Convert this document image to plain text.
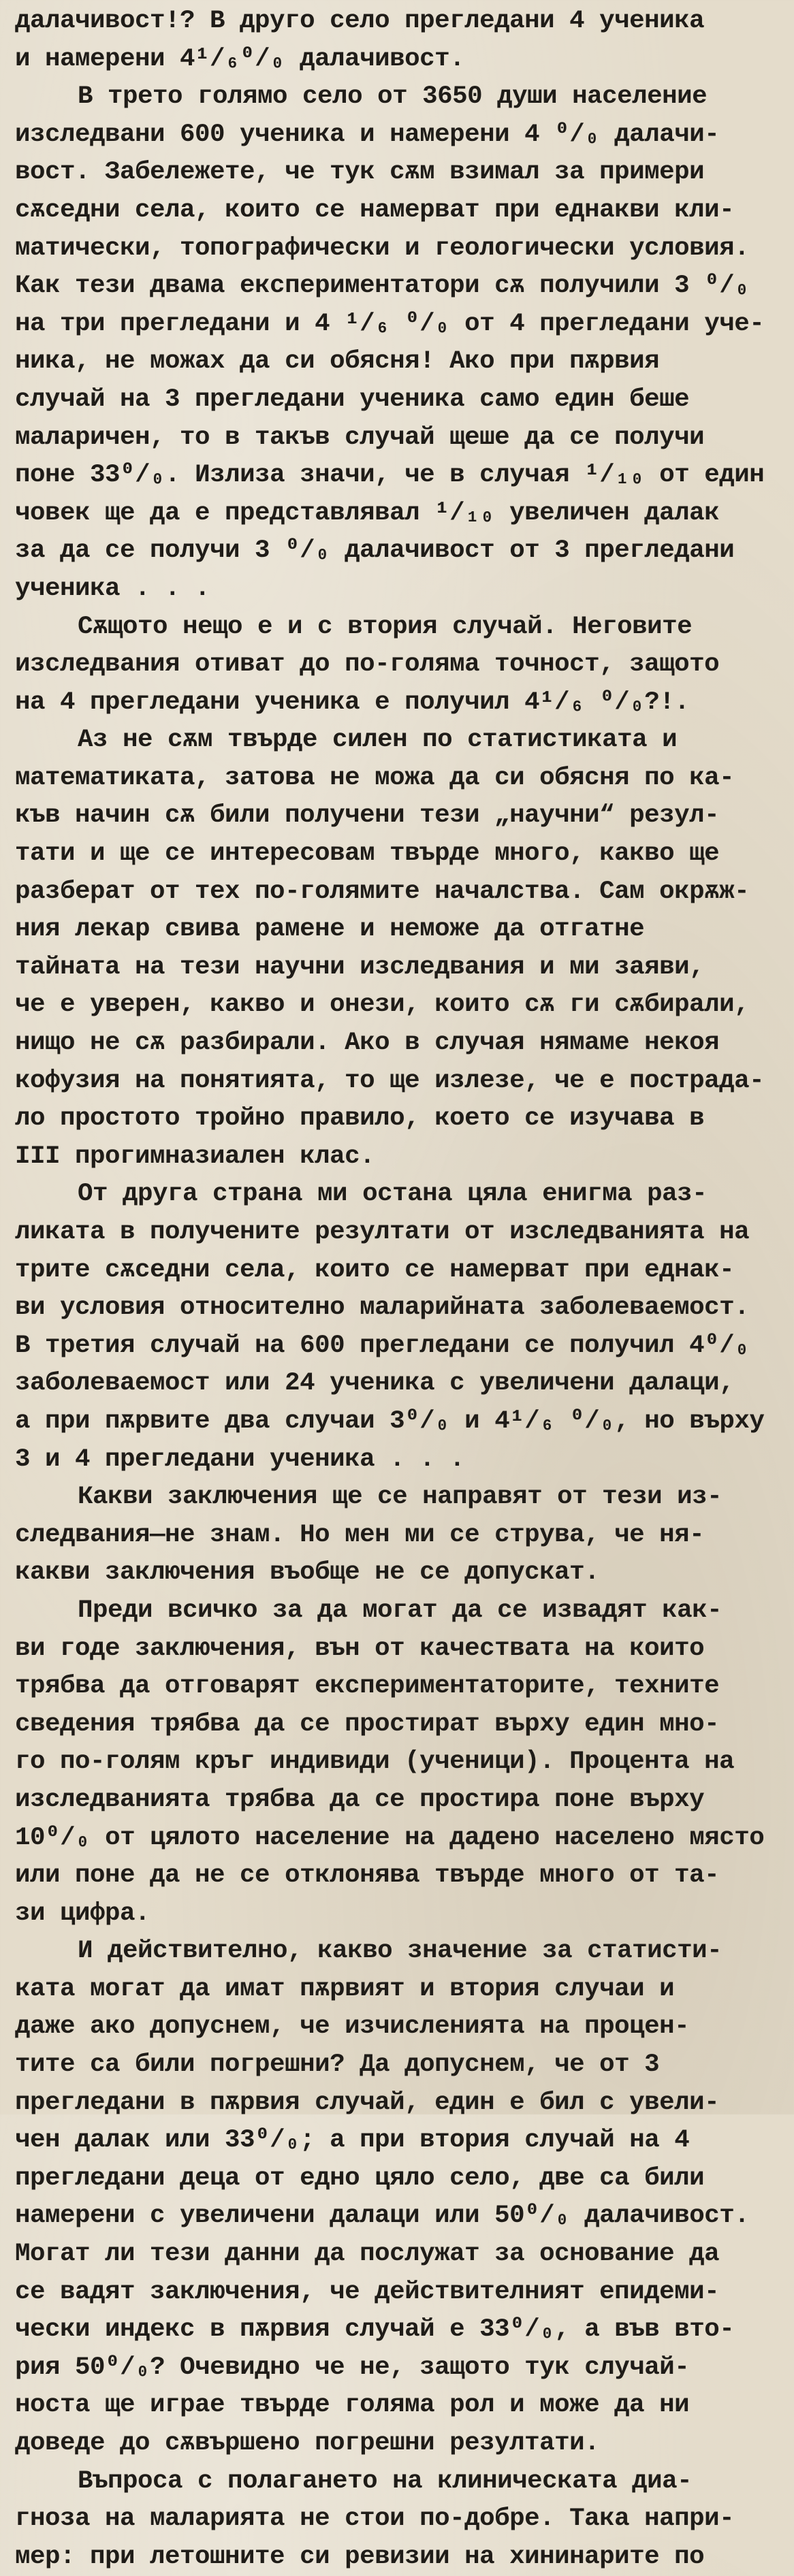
далачивост!? В друго село прегледани 4 ученика
и намерени 4¹/₆⁰/₀ далачивост.
В трето голямо село от 3650 души население
изследвани 600 ученика и намерени 4 ⁰/₀ далачи-
вост. Забележете, че тук сѫм взимал за примери
сѫседни села, които се намерват при еднакви кли-
матически, топографически и геологически условия.
Как тези двама експериментатори сѫ получили 3 ⁰/₀
на три прегледани и 4 ¹/₆ ⁰/₀ от 4 прегледани уче-
ника, не можах да си обясня! Ако при пѫрвия
случай на 3 прегледани ученика само един беше
маларичен, то в такъв случай щеше да се получи
поне 33⁰/₀. Излиза значи, че в случая ¹/₁₀ от един
човек ще да е представлявал ¹/₁₀ увеличен далак
за да се получи 3 ⁰/₀ далачивост от 3 прегледани
ученика . . .
Сѫщото нещо е и с втория случай. Неговите
изследвания отиват до по-голяма точност, защото
на 4 прегледани ученика е получил 4¹/₆ ⁰/₀?!.
Аз не сѫм твърде силен по статистиката и
математиката, затова не можа да си обясня по ка-
къв начин сѫ били получени тези „научни“ резул-
тати и ще се интересовам твърде много, какво ще
разберат от тех по-голямите началства. Сам окрѫж-
ния лекар свива рамене и неможе да отгатне
тайната на тези научни изследвания и ми заяви,
че е уверен, какво и онези, които сѫ ги сѫбирали,
нищо не сѫ разбирали. Ако в случая нямаме некоя
кофузия на понятията, то ще излезе, че е пострада-
ло простото тройно правило, което се изучава в
III прогимназиален клас.
От друга страна ми остана цяла енигма раз-
ликата в получените резултати от изследванията на
трите сѫседни села, които се намерват при еднак-
ви условия относително маларийната заболеваемост.
В третия случай на 600 прегледани се получил 4⁰/₀
заболеваемост или 24 ученика с увеличени далаци,
а при пѫрвите два случаи 3⁰/₀ и 4¹/₆ ⁰/₀, но върху
3 и 4 прегледани ученика . . .
Какви заключения ще се направят от тези из-
следвания—не знам. Но мен ми се струва, че ня-
какви заключения въобще не се допускат.
Преди всичко за да могат да се извадят как-
ви годе заключения, вън от качествата на които
трябва да отговарят експериментаторите, техните
сведения трябва да се простират върху един мно-
го по-голям кръг индивиди (ученици). Процента на
изследванията трябва да се простира поне върху
10⁰/₀ от цялото население на дадено населено място
или поне да не се отклонява твърде много от та-
зи цифра.
И действително, какво значение за статисти-
ката могат да имат пѫрвият и втория случаи и
даже ако допуснем, че изчисленията на процен-
тите са били погрешни? Да допуснем, че от 3
прегледани в пѫрвия случай, един е бил с увели-
чен далак или 33⁰/₀; а при втория случай на 4
прегледани деца от едно цяло село, две са били
намерени с увеличени далаци или 50⁰/₀ далачивост.
Могат ли тези данни да послужат за основание да
се вадят заключения, че действителният епидеми-
чески индекс в пѫрвия случай е 33⁰/₀, а във вто-
рия 50⁰/₀? Очевидно че не, защото тук случай-
носта ще играе твърде голяма рол и може да ни
доведе до сѫвършено погрешни резултати.
Въпроса с полагането на клиническата диа-
гноза на маларията не стои по-добре. Така напри-
мер: при летошните си ревизии на хининарите по
